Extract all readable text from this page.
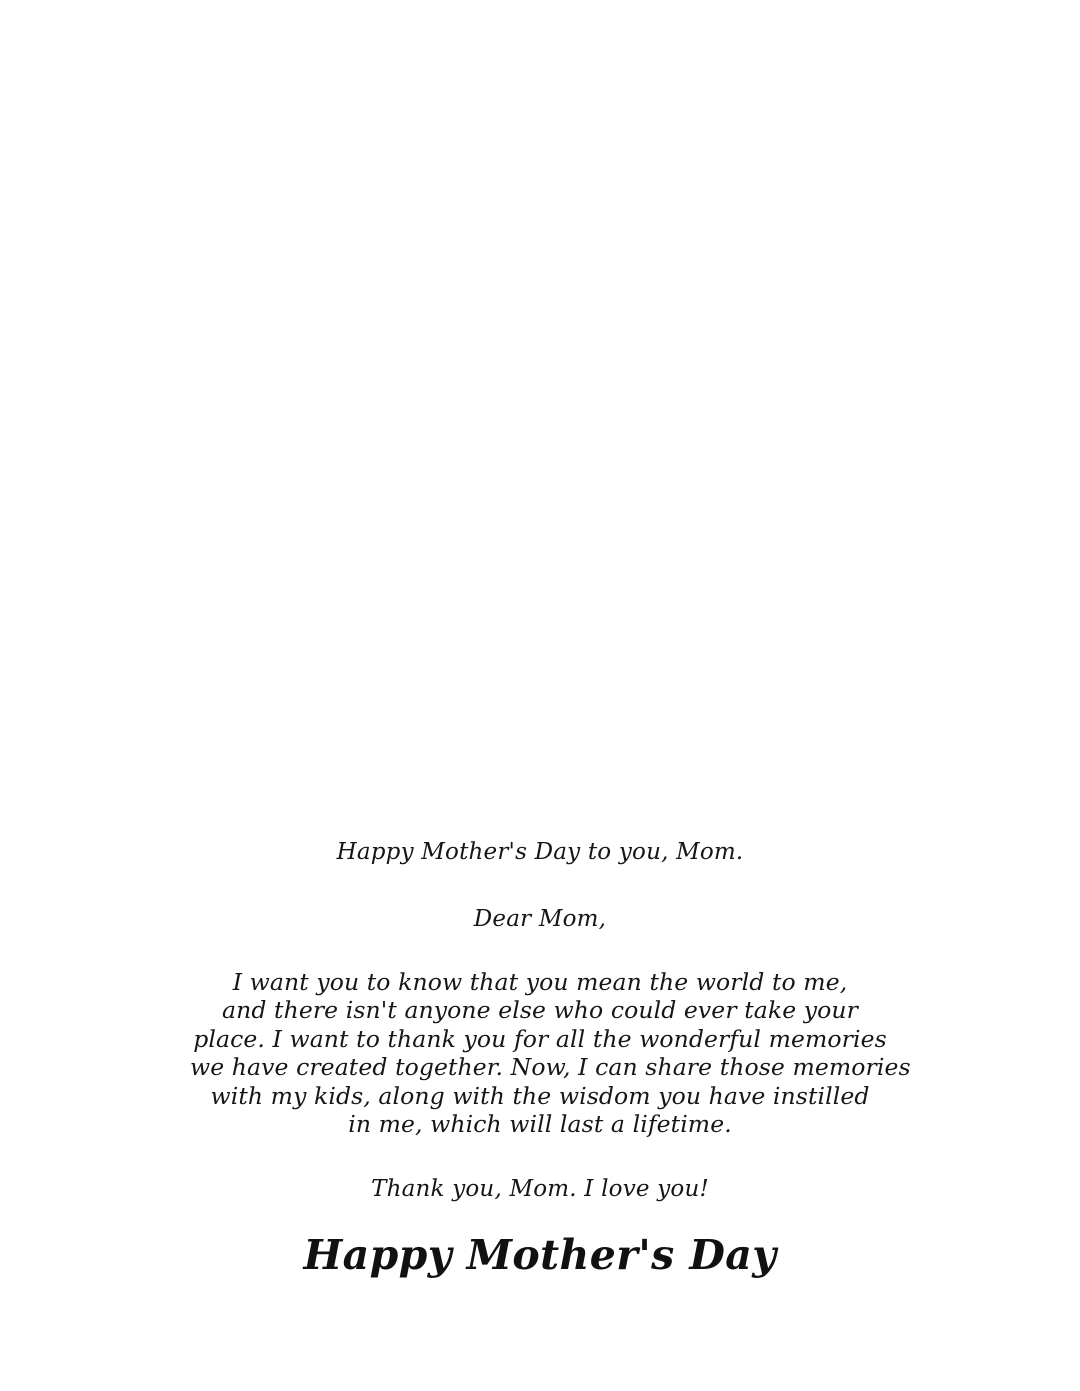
Happy Mother's Day to you, Mom.

Dear Mom,

I want you to know that you mean the world to me,
and there isn't anyone else who could ever take your
place. I want to thank you for all the wonderful memories
we have created together. Now, I can share those memories
with my kids, along with the wisdom you have instilled
in me, which will last a lifetime.

Thank you, Mom. I love you!

Happy Mother's Day
